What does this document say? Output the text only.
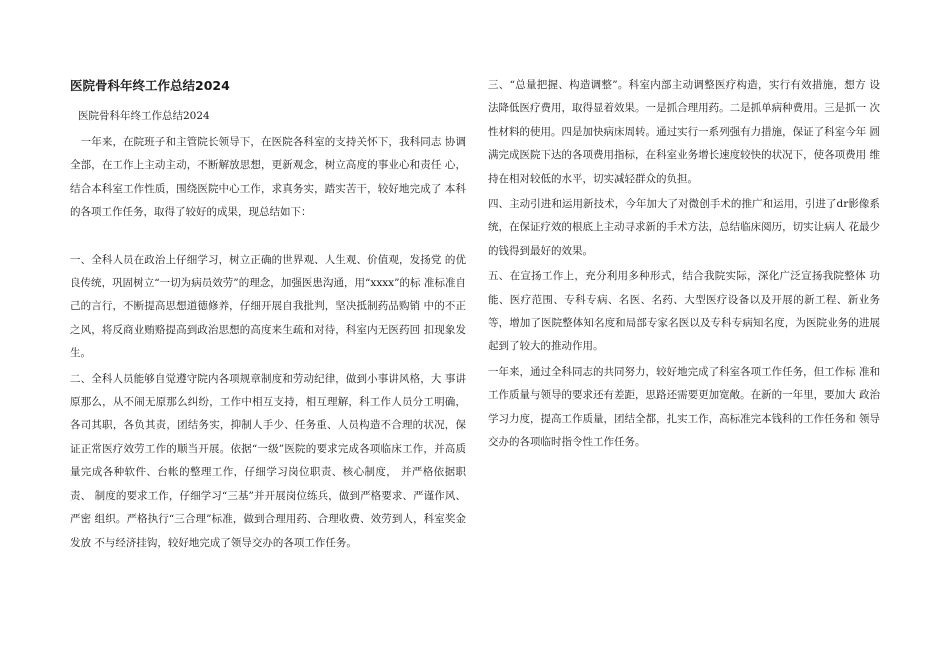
医院骨科年终工作总结2024
医院骨科年终工作总结2024

　一年来，在院班子和主管院长领导下，在医院各科室的支持关怀下，我科同志 协调全部，在工作上主动主动，不断解放思想，更新观念，树立高度的事业心和责任 心，结合本科室工作性质，围绕医院中心工作，求真务实，踏实苦干，较好地完成了 本科的各项工作任务，取得了较好的成果，现总结如下：

一、全科人员在政治上仔细学习，树立正确的世界观、人生观、价值观，发扬党 的优良传统，巩固树立“一切为病员效劳”的理念，加强医患沟通，用“xxxx”的标 准标准自己的言行，不断提高思想道德修养，仔细开展自我批判，坚决抵制药品购销 中的不正之风，将反商业贿赂提高到政治思想的高度来生疏和对待，科室内无医药回 扣现象发生。

二、全科人员能够自觉遵守院内各项规章制度和劳动纪律，做到小事讲风格，大 事讲原那么，从不闹无原那么纠纷，工作中相互支持，相互理解，科工作人员分工明确，各司其职，各负其责，团结务实，抑制人手少、任务重、人员构造不合理的状况，保 证正常医疗效劳工作的顺当开展。依据“一级”医院的要求完成各项临床工作，并高质 量完成各种软件、台帐的整理工作，仔细学习岗位职责、核心制度， 并严格依据职责、 制度的要求工作，仔细学习“三基”并开展岗位练兵，做到严格要求、严谨作风、严密 组织。严格执行“三合理”标准，做到合理用药、合理收费、效劳到人，科室奖金发放 不与经济挂钩，较好地完成了领导交办的各项工作任务。

三、“总量把握、构造调整”。科室内部主动调整医疗构造，实行有效措施，想方 设法降低医疗费用，取得显着效果。一是抓合理用药。二是抓单病种费用。三是抓一 次性材料的使用。四是加快病床周转。通过实行一系列强有力措施，保证了科室今年 圆满完成医院下达的各项费用指标，在科室业务增长速度较快的状况下，使各项费用 维持在相对较低的水平，切实减轻群众的负担。

四、主动引进和运用新技术，今年加大了对微创手术的推广和运用，引进了dr影像系统，在保证疗效的根底上主动寻求新的手术方法，总结临床阅历，切实让病人 花最少的钱得到最好的效果。

五、在宣扬工作上，充分利用多种形式，结合我院实际，深化广泛宣扬我院整体 功能、医疗范围、专科专病、名医、名药、大型医疗设备以及开展的新工程、新业务 等，增加了医院整体知名度和局部专家名医以及专科专病知名度，为医院业务的进展 起到了较大的推动作用。

一年来，通过全科同志的共同努力，较好地完成了科室各项工作任务，但工作标 准和工作质量与领导的要求还有差距，思路还需要更加宽敞。在新的一年里，要加大 政治学习力度，提高工作质量，团结全都，扎实工作，高标准完本钱科的工作任务和 领导交办的各项临时指令性工作任务。
